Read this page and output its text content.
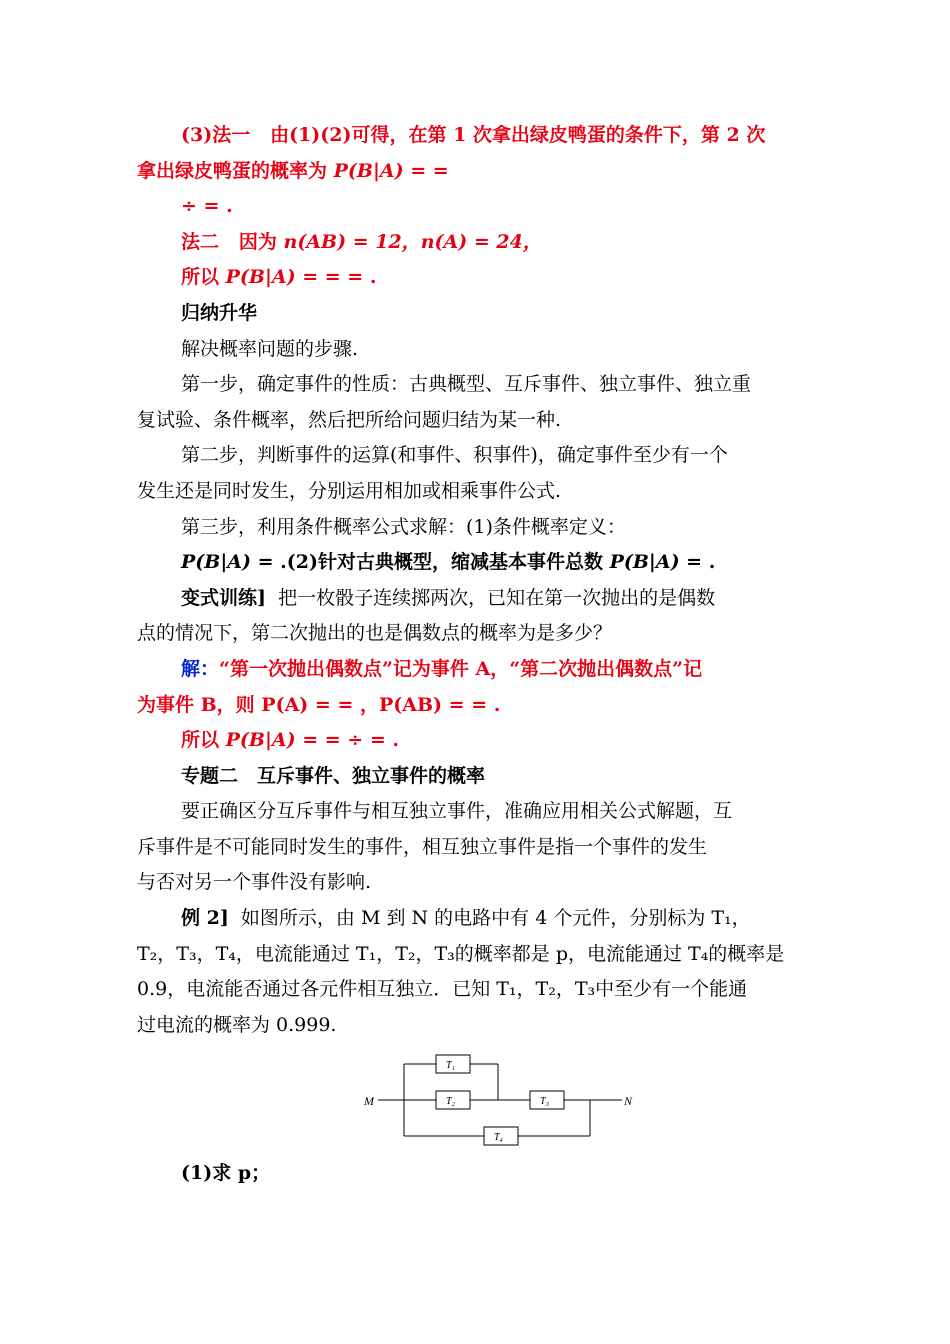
(3)法一 由(1)(2)可得，在第 1 次拿出绿皮鸭蛋的条件下，第 2 次
拿出绿皮鸭蛋的概率为 P(B|A) = =
÷ = .
法二 因为 n(AB) = 12，n(A) = 24，
所以 P(B|A) = = = .
归纳升华
解决概率问题的步骤.
第一步，确定事件的性质：古典概型、互斥事件、独立事件、独立重
复试验、条件概率，然后把所给问题归结为某一种.
第二步，判断事件的运算(和事件、积事件)，确定事件至少有一个
发生还是同时发生，分别运用相加或相乘事件公式.
第三步，利用条件概率公式求解：(1)条件概率定义：
P(B|A) = .(2)针对古典概型，缩减基本事件总数 P(B|A) = .
变式训练] 把一枚骰子连续掷两次，已知在第一次抛出的是偶数
点的情况下，第二次抛出的也是偶数点的概率为是多少？
解：“第一次抛出偶数点”记为事件 A，“第二次抛出偶数点”记
为事件 B，则 P(A) = = ，P(AB) = = .
所以 P(B|A) = = ÷ = .
专题二　互斥事件、独立事件的概率
要正确区分互斥事件与相互独立事件，准确应用相关公式解题，互
斥事件是不可能同时发生的事件，相互独立事件是指一个事件的发生
与否对另一个事件没有影响.
例 2] 如图所示，由 M 到 N 的电路中有 4 个元件，分别标为 T₁，
T₂，T₃，T₄，电流能通过 T₁，T₂，T₃的概率都是 p，电流能通过 T₄的概率是
0.9，电流能否通过各元件相互独立．已知 T₁，T₂，T₃中至少有一个能通
过电流的概率为 0.999.
M	N
T₁
T₂	T₃
T₄
(1)求 p；
